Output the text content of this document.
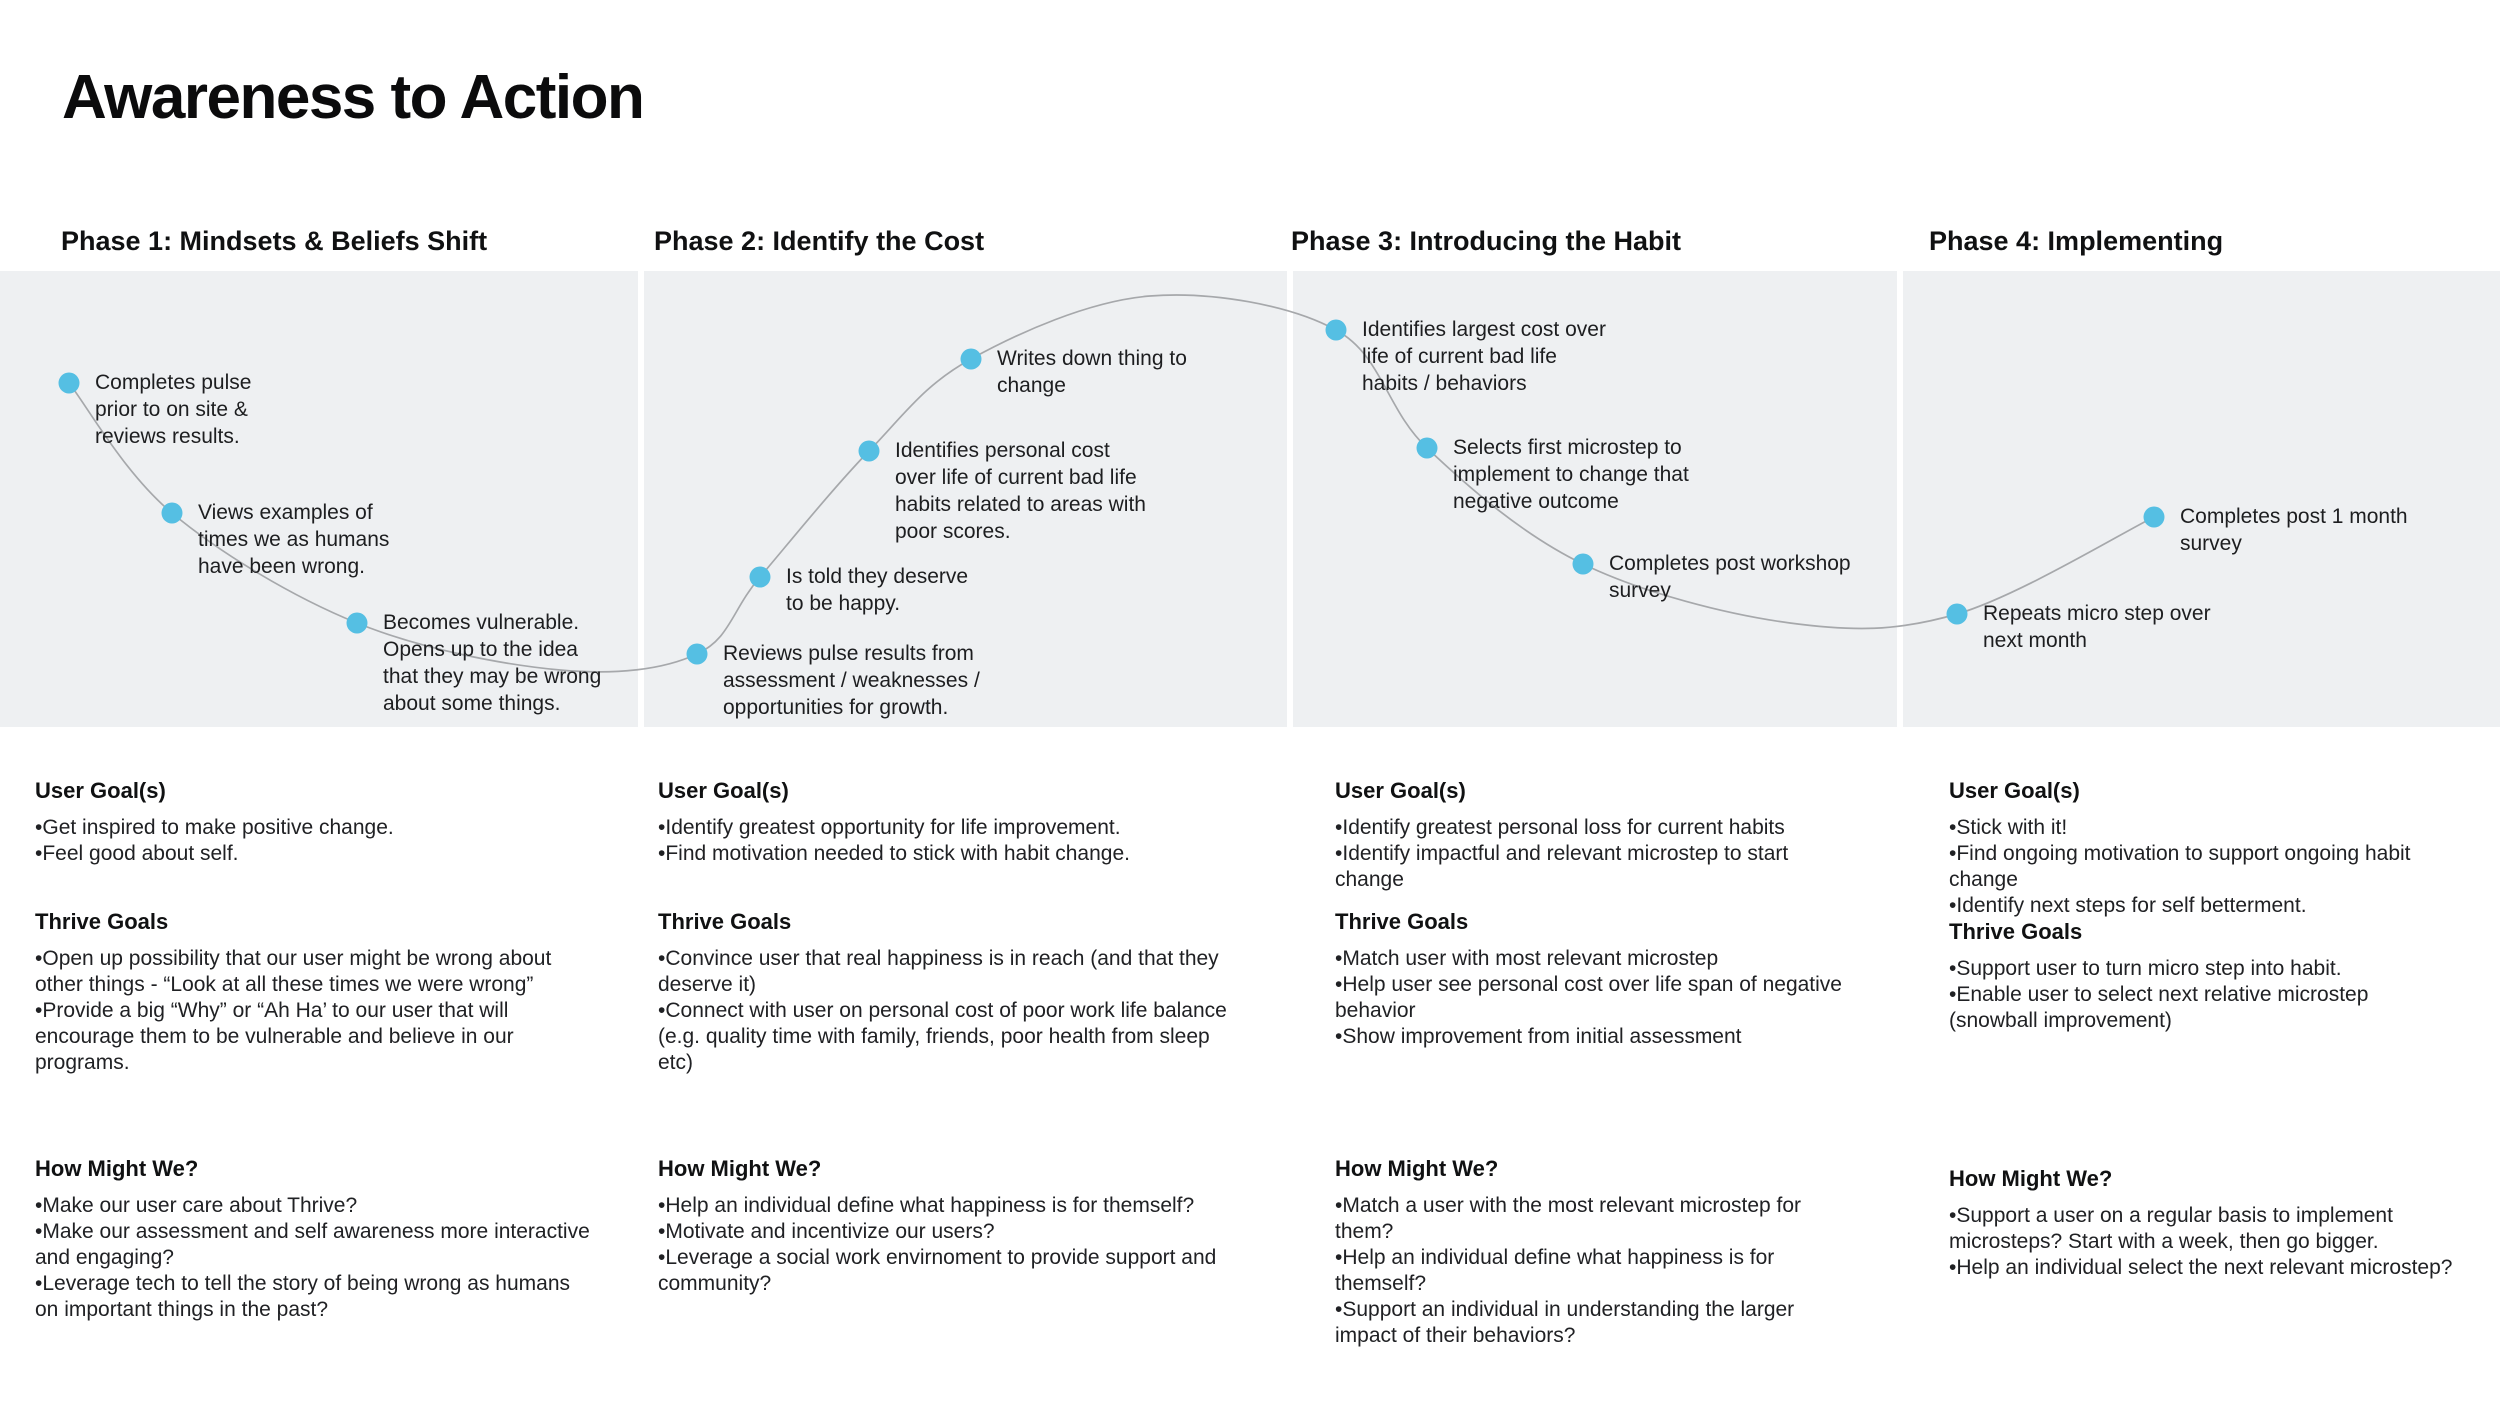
Awareness to Action
Phase 1: Mindsets & Beliefs Shift	Phase 2: Identify the Cost	Phase 3: Introducing the Habit	Phase 4: Implementing
Completes pulse
prior to on site &
reviews results.
Views examples of
times we as humans
have been wrong.
Becomes vulnerable.
Opens up to the idea
that they may be wrong
about some things.
Reviews pulse results from
assessment / weaknesses /
opportunities for growth.
Is told they deserve
to be happy.
Identifies personal cost
over life of current bad life
habits related to areas with
poor scores.
Writes down thing to
change
Identifies largest cost over
life of current bad life
habits / behaviors
Selects first microstep to
implement to change that
negative outcome
Completes post workshop
survey
Repeats micro step over
next month
Completes post 1 month
survey
User Goal(s)
• Get inspired to make positive change.
• Feel good about self.
Thrive Goals
• Open up possibility that our user might be wrong about other things - “Look at all these times we were wrong”
• Provide a big “Why” or “Ah Ha’ to our user that will encourage them to be vulnerable and believe in our programs.
How Might We?
• Make our user care about Thrive?
• Make our assessment and self awareness more interactive and engaging?
• Leverage tech to tell the story of being wrong as humans on important things in the past?
User Goal(s)
• Identify greatest opportunity for life improvement.
• Find motivation needed to stick with habit change.
Thrive Goals
• Convince user that real happiness is in reach (and that they deserve it)
• Connect with user on personal cost of poor work life balance (e.g. quality time with family, friends, poor health from sleep etc)
How Might We?
• Help an individual define what happiness is for themself?
• Motivate and incentivize our users?
• Leverage a social work envirnoment to provide support and community?
User Goal(s)
• Identify greatest personal loss for current habits
• Identify impactful and relevant microstep to start change
Thrive Goals
• Match user with most relevant microstep
• Help user see personal cost over life span of negative behavior
• Show improvement from initial assessment
How Might We?
• Match a user with the most relevant microstep for them?
• Help an individual define what happiness is for themself?
• Support an individual in understanding the larger impact of their behaviors?
User Goal(s)
• Stick with it!
• Find ongoing motivation to support ongoing habit change
• Identify next steps for self betterment.
Thrive Goals
• Support user to turn micro step into habit.
• Enable user to select next relative microstep (snowball improvement)
How Might We?
• Support a user on a regular basis to implement microsteps? Start with a week, then go bigger.
• Help an individual select the next relevant microstep?
